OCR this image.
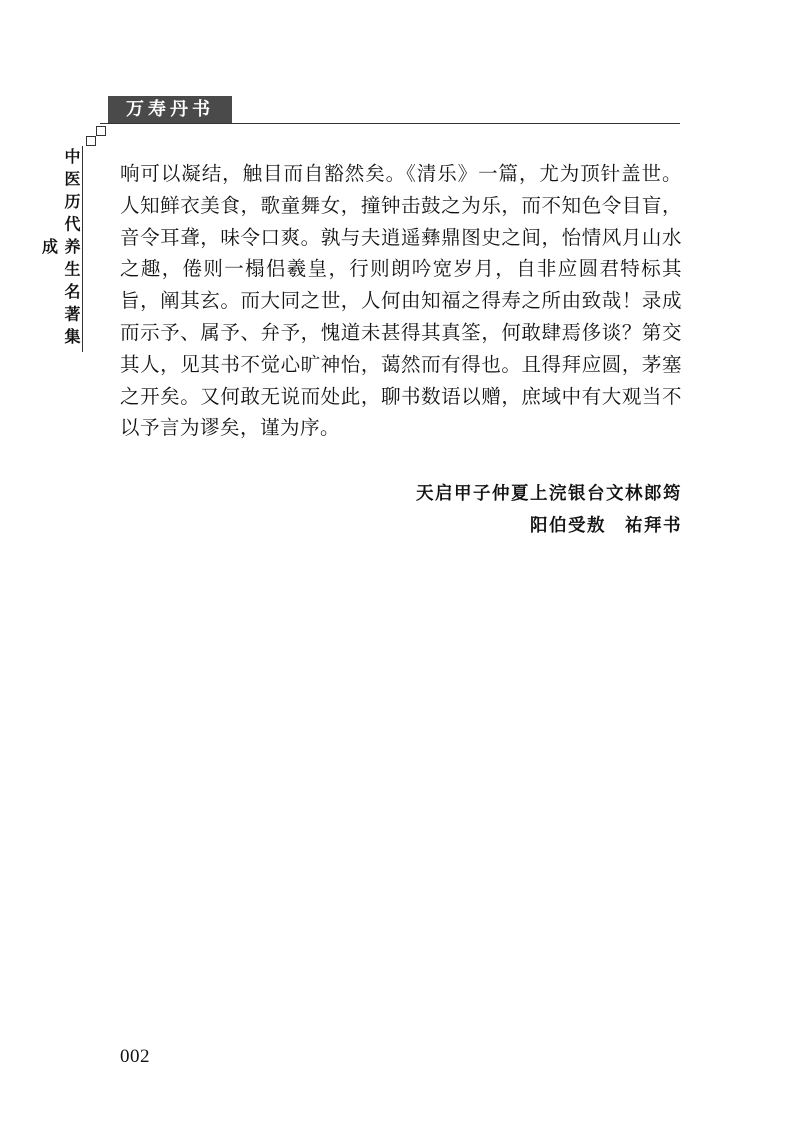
万寿丹书
中医历代养生名著集成

响可以凝结，触目而自豁然矣。《清乐》一篇，尤为顶针盖世。人知鲜衣美食，歌童舞女，撞钟击鼓之为乐，而不知色令目盲，音令耳聋，味令口爽。孰与夫逍遥彝鼎图史之间，怡情风月山水之趣，倦则一榻侣羲皇，行则朗吟宽岁月，自非应圆君特标其旨，阐其玄。而大同之世，人何由知福之得寿之所由致哉！录成而示予、属予、弁予，愧道未甚得其真筌，何敢肆焉侈谈？第交其人，见其书不觉心旷神怡，蔼然而有得也。且得拜应圆，茅塞之开矣。又何敢无说而处此，聊书数语以赠，庶域中有大观当不以予言为谬矣，谨为序。

天启甲子仲夏上浣银台文林郎筠
阳伯受敖　祐拜书
002
